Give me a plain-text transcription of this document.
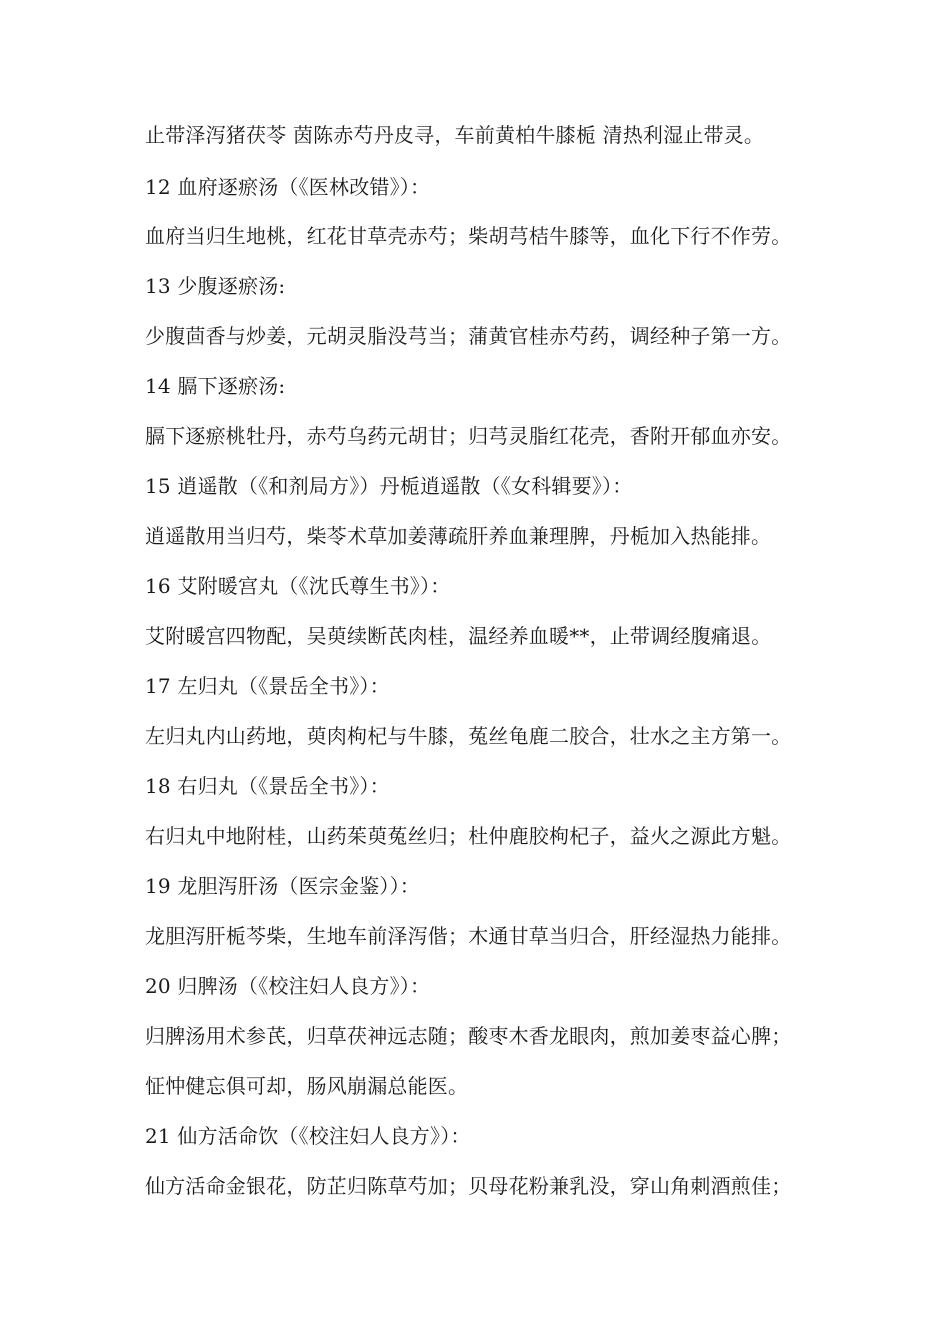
止带泽泻猪茯苓 茵陈赤芍丹皮寻，车前黄柏牛膝栀 清热利湿止带灵。
12 血府逐瘀汤（《医林改错》）：
血府当归生地桃，红花甘草壳赤芍；柴胡芎桔牛膝等，血化下行不作劳。
13 少腹逐瘀汤:
少腹茴香与炒姜，元胡灵脂没芎当；蒲黄官桂赤芍药，调经种子第一方。
14 膈下逐瘀汤:
膈下逐瘀桃牡丹，赤芍乌药元胡甘；归芎灵脂红花壳，香附开郁血亦安。
15 逍遥散（《和剂局方》）丹栀逍遥散（《女科辑要》）：
逍遥散用当归芍，柴苓术草加姜薄疏肝养血兼理脾，丹栀加入热能排。
16 艾附暖宫丸（《沈氏尊生书》）：
艾附暖宫四物配，吴萸续断芪肉桂，温经养血暖**，止带调经腹痛退。
17 左归丸（《景岳全书》）：
左归丸内山药地，萸肉枸杞与牛膝，菟丝龟鹿二胶合，壮水之主方第一。
18 右归丸（《景岳全书》）：
右归丸中地附桂，山药茱萸菟丝归；杜仲鹿胶枸杞子，益火之源此方魁。
19 龙胆泻肝汤（医宗金鉴））：
龙胆泻肝栀芩柴，生地车前泽泻偕；木通甘草当归合，肝经湿热力能排。
20 归脾汤（《校注妇人良方》）：
归脾汤用术参芪，归草茯神远志随；酸枣木香龙眼肉，煎加姜枣益心脾；
怔忡健忘俱可却，肠风崩漏总能医。
21 仙方活命饮（《校注妇人良方》）：
仙方活命金银花，防芷归陈草芍加；贝母花粉兼乳没，穿山角刺酒煎佳；
